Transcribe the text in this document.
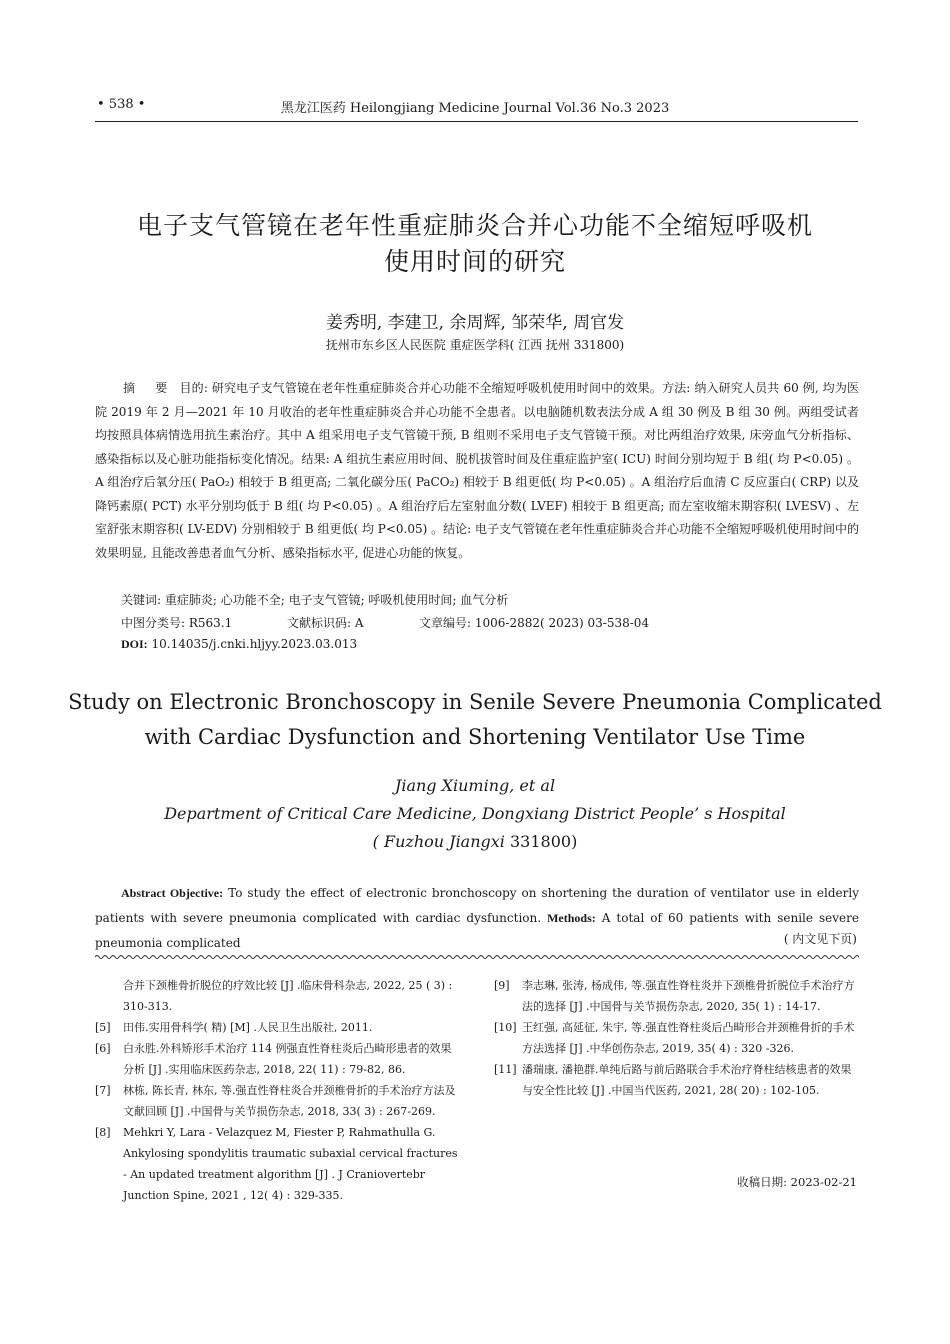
• 538 •	黑龙江医药 Heilongjiang Medicine Journal Vol.36 No.3 2023
电子支气管镜在老年性重症肺炎合并心功能不全缩短呼吸机
使用时间的研究
姜秀明, 李建卫, 余周辉, 邹荣华, 周官发
抚州市东乡区人民医院 重症医学科( 江西 抚州 331800)
摘 要 目的: 研究电子支气管镜在老年性重症肺炎合并心功能不全缩短呼吸机使用时间中的效果。方法: 纳入研究人员共 60 例, 均为医院 2019 年 2 月—2021 年 10 月收治的老年性重症肺炎合并心功能不全患者。以电脑随机数表法分成 A 组 30 例及 B 组 30 例。两组受试者均按照具体病情选用抗生素治疗。其中 A 组采用电子支气管镜干预, B 组则不采用电子支气管镜干预。对比两组治疗效果, 床旁血气分析指标、感染指标以及心脏功能指标变化情况。结果: A 组抗生素应用时间、脱机拔管时间及住重症监护室( ICU) 时间分别均短于 B 组( 均 P<0.05) 。A 组治疗后氧分压( PaO₂) 相较于 B 组更高; 二氧化碳分压( PaCO₂) 相较于 B 组更低( 均 P<0.05) 。A 组治疗后血清 C 反应蛋白( CRP) 以及降钙素原( PCT) 水平分别均低于 B 组( 均 P<0.05) 。A 组治疗后左室射血分数( LVEF) 相较于 B 组更高; 而左室收缩末期容积( LVESV) 、左室舒张末期容积( LV-EDV) 分别相较于 B 组更低( 均 P<0.05) 。结论: 电子支气管镜在老年性重症肺炎合并心功能不全缩短呼吸机使用时间中的效果明显, 且能改善患者血气分析、感染指标水平, 促进心功能的恢复。
关键词: 重症肺炎; 心功能不全; 电子支气管镜; 呼吸机使用时间; 血气分析
中图分类号: R563.1	文献标识码: A	文章编号: 1006-2882( 2023) 03-538-04
DOI: 10.14035/j.cnki.hljyy.2023.03.013
Study on Electronic Bronchoscopy in Senile Severe Pneumonia Complicated
with Cardiac Dysfunction and Shortening Ventilator Use Time
Jiang Xiuming, et al
Department of Critical Care Medicine, Dongxiang District People’ s Hospital
( Fuzhou Jiangxi 331800)
Abstract Objective: To study the effect of electronic bronchoscopy on shortening the duration of ventilator use in elderly patients with severe pneumonia complicated with cardiac dysfunction. Methods: A total of 60 patients with senile severe pneumonia complicated	( 内文见下页)
合并下颈椎骨折脱位的疗效比较 [J] .临床骨科杂志, 2022, 25 ( 3) : 310-313.
[5]	田伟.实用骨科学( 精) [M] .人民卫生出版社, 2011.
[6]	白永胜.外科矫形手术治疗 114 例强直性脊柱炎后凸畸形患者的效果分析 [J] .实用临床医药杂志, 2018, 22( 11) : 79-82, 86.
[7]	林栋, 陈长青, 林东, 等.强直性脊柱炎合并颈椎骨折的手术治疗方法及文献回顾 [J] .中国骨与关节损伤杂志, 2018, 33( 3) : 267-269.
[8]	Mehkri Y, Lara - Velazquez M, Fiester P, Rahmathulla G. Ankylosing spondylitis traumatic subaxial cervical fractures - An updated treatment algorithm [J] . J Craniovertebr Junction Spine, 2021 , 12( 4) : 329-335.
[9]	李志琳, 张涛, 杨成伟, 等.强直性脊柱炎并下颈椎骨折脱位手术治疗方法的选择 [J] .中国骨与关节损伤杂志, 2020, 35( 1) : 14-17.
[10] 王红强, 高延征, 朱宇, 等.强直性脊柱炎后凸畸形合并颈椎骨折的手术方法选择 [J] .中华创伤杂志, 2019, 35( 4) : 320 -326.
[11] 潘瑞康, 潘艳群.单纯后路与前后路联合手术治疗脊柱结核患者的效果与安全性比较 [J] .中国当代医药, 2021, 28( 20) : 102-105.
收稿日期: 2023-02-21
